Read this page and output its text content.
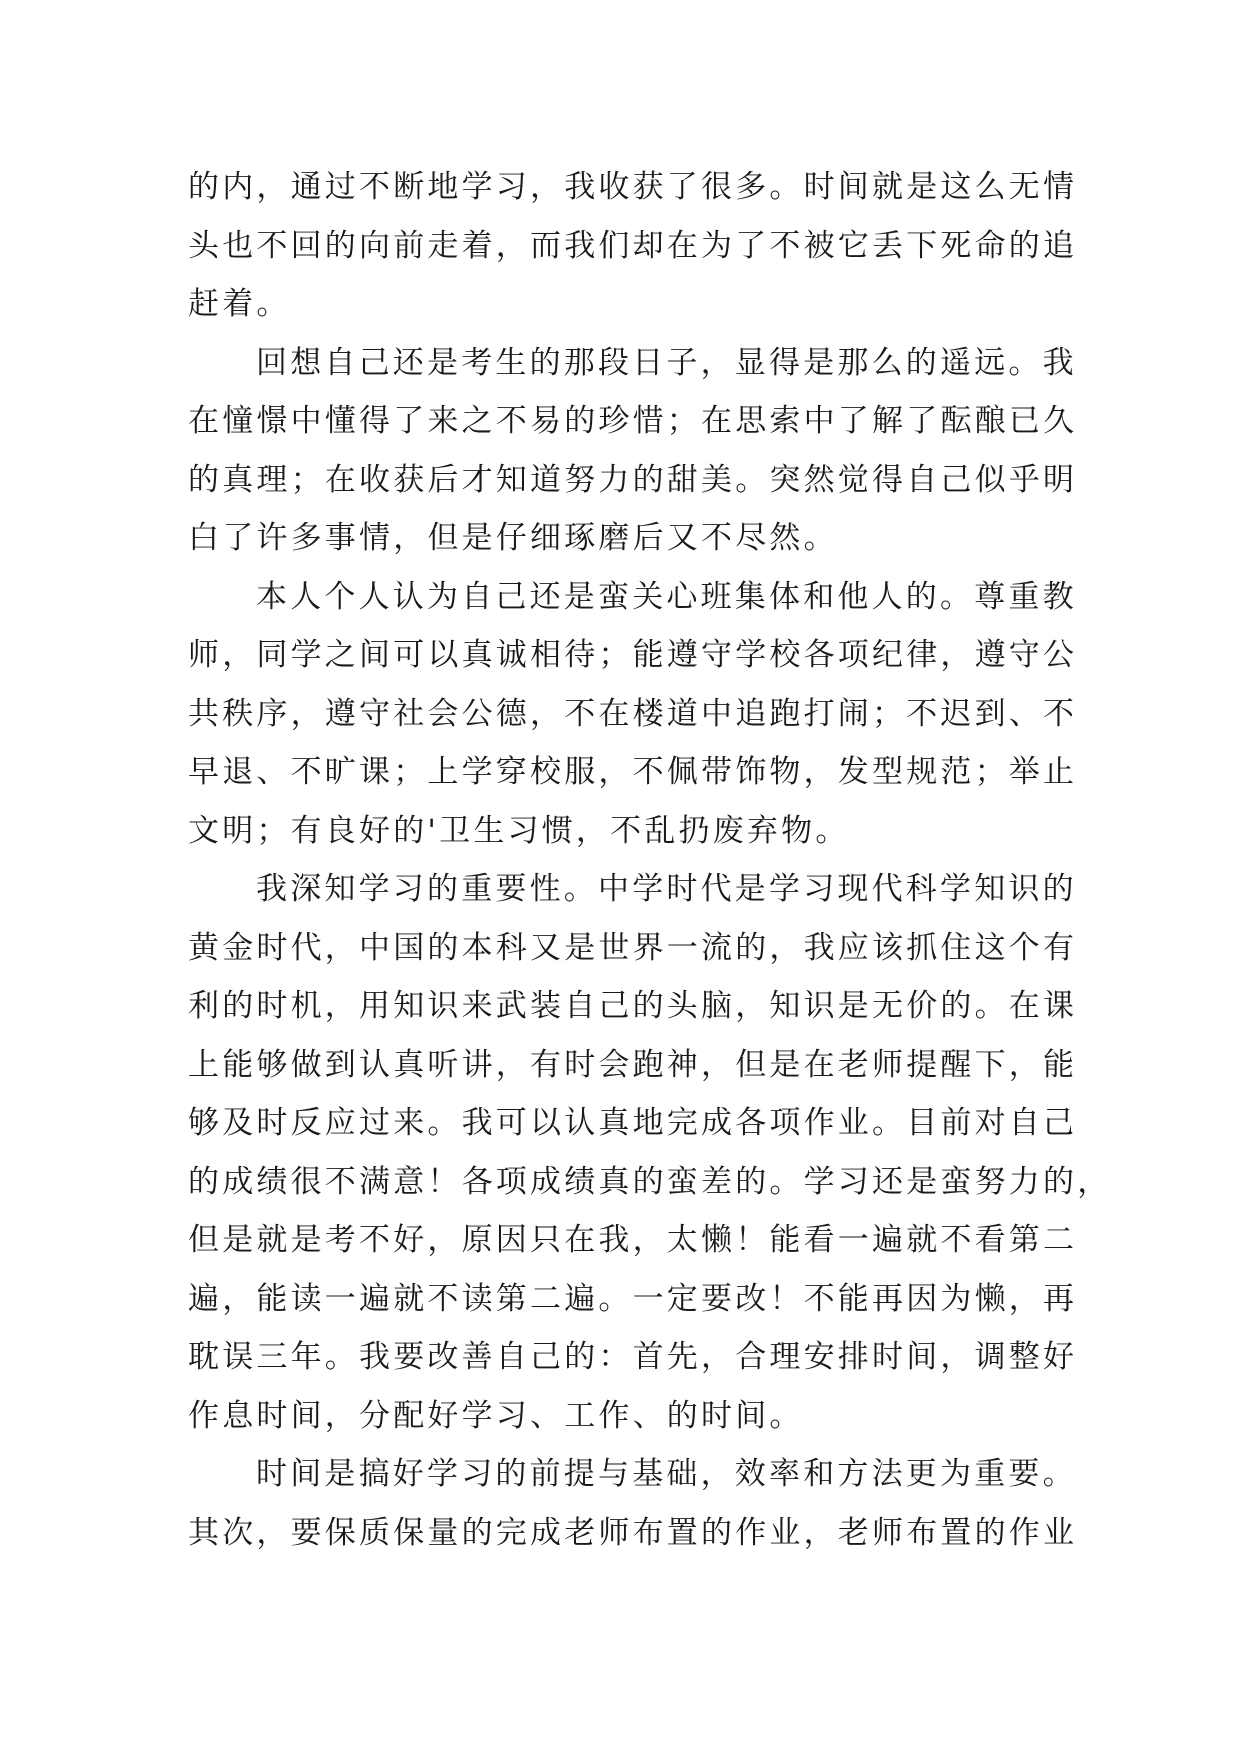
的内，通过不断地学习，我收获了很多。时间就是这么无情
头也不回的向前走着，而我们却在为了不被它丢下死命的追
赶着。
回想自己还是考生的那段日子，显得是那么的遥远。我
在憧憬中懂得了来之不易的珍惜；在思索中了解了酝酿已久
的真理；在收获后才知道努力的甜美。突然觉得自己似乎明
白了许多事情，但是仔细琢磨后又不尽然。
本人个人认为自己还是蛮关心班集体和他人的。尊重教
师，同学之间可以真诚相待；能遵守学校各项纪律，遵守公
共秩序，遵守社会公德，不在楼道中追跑打闹；不迟到、不
早退、不旷课；上学穿校服，不佩带饰物，发型规范；举止
文明；有良好的'卫生习惯，不乱扔废弃物。
我深知学习的重要性。中学时代是学习现代科学知识的
黄金时代，中国的本科又是世界一流的，我应该抓住这个有
利的时机，用知识来武装自己的头脑，知识是无价的。在课
上能够做到认真听讲，有时会跑神，但是在老师提醒下，能
够及时反应过来。我可以认真地完成各项作业。目前对自己
的成绩很不满意！各项成绩真的蛮差的。学习还是蛮努力的，
但是就是考不好，原因只在我，太懒！能看一遍就不看第二
遍，能读一遍就不读第二遍。一定要改！不能再因为懒，再
耽误三年。我要改善自己的：首先，合理安排时间，调整好
作息时间，分配好学习、工作、的时间。
时间是搞好学习的前提与基础，效率和方法更为重要。
其次，要保质保量的完成老师布置的作业，老师布置的作业
